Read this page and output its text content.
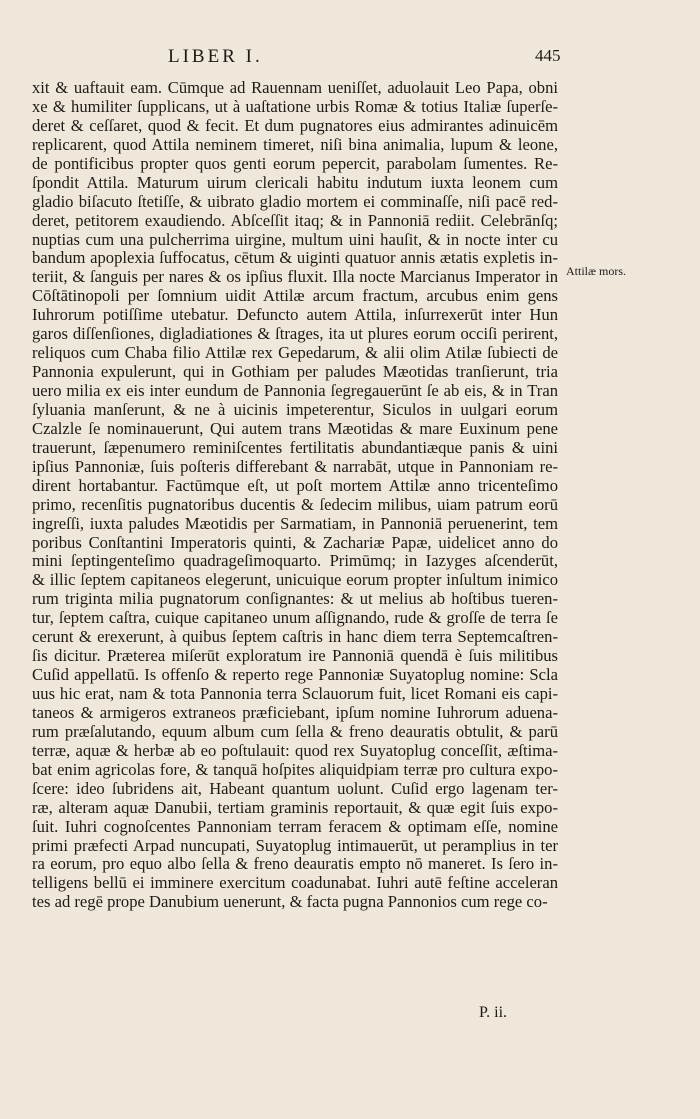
LIBER I.	445
xit & uaftauit eam. Cūmque ad Rauennam ueniſſet, aduolauit Leo Papa, obni
xe & humiliter ſupplicans, ut à uaſtatione urbis Romæ & totius Italiæ ſuperſe-
deret & ceſſaret, quod & fecit. Et dum pugnatores eius admirantes adinuicēm
replicarent, quod Attila neminem timeret, niſi bina animalia, lupum & leone,
de pontificibus propter quos genti eorum pepercit, parabolam ſumentes. Re-
ſpondit Attila. Maturum uirum clericali habitu indutum iuxta leonem cum
gladio biſacuto ſtetiſſe, & uibrato gladio mortem ei comminaſſe, niſi pacē red-
deret, petitorem exaudiendo. Abſceſſit itaq; & in Pannoniā rediit. Celebrānſq;
nuptias cum una pulcherrima uirgine, multum uini hauſit, & in nocte inter cu
bandum apoplexia ſuffocatus, cētum & uiginti quatuor annis ætatis expletis in-
teriit, & ſanguis per nares & os ipſius fluxit. Illa nocte Marcianus Imperator in
Cōſtātinopoli per ſomnium uidit Attilæ arcum fractum, arcubus enim gens
Iuhrorum potiſſime utebatur. Defuncto autem Attila, inſurrexerūt inter Hun
garos diſſenſiones, digladiationes & ſtrages, ita ut plures eorum occiſi perirent,
reliquos cum Chaba filio Attilæ rex Gepedarum, & alii olim Atilæ ſubiecti de
Pannonia expulerunt, qui in Gothiam per paludes Mæotidas tranſierunt, tria
uero milia ex eis inter eundum de Pannonia ſegregauerūnt ſe ab eis, & in Tran
ſyluania manſerunt, & ne à uicinis impeterentur, Siculos in uulgari eorum
Czalzle ſe nominauerunt, Qui autem trans Mæotidas & mare Euxinum pene
trauerunt, ſæpenumero reminiſcentes fertilitatis abundantiæque panis & uini
ipſius Pannoniæ, ſuis poſteris differebant & narrabāt, utque in Pannoniam re-
dirent hortabantur. Factūmque eſt, ut poſt mortem Attilæ anno tricenteſimo
primo, recenſitis pugnatoribus ducentis & ſedecim milibus, uiam patrum eorū
ingreſſi, iuxta paludes Mæotidis per Sarmatiam, in Pannoniā peruenerint, tem
poribus Conſtantini Imperatoris quinti, & Zachariæ Papæ, uidelicet anno do
mini ſeptingenteſimo quadrageſimoquarto. Primūmq; in Iazyges aſcenderūt,
& illic ſeptem capitaneos elegerunt, unicuique eorum propter inſultum inimico
rum triginta milia pugnatorum conſignantes: & ut melius ab hoſtibus tueren-
tur, ſeptem caſtra, cuique capitaneo unum aſſignando, rude & groſſe de terra ſe
cerunt & erexerunt, à quibus ſeptem caſtris in hanc diem terra Septemcaſtren-
ſis dicitur. Præterea miſerūt exploratum ire Pannoniā quendā è ſuis militibus
Cuſid appellatū. Is offenſo & reperto rege Pannoniæ Suyatoplug nomine: Scla
uus hic erat, nam & tota Pannonia terra Sclauorum fuit, licet Romani eis capi-
taneos & armigeros extraneos præficiebant, ipſum nomine Iuhrorum aduena-
rum præſalutando, equum album cum ſella & freno deauratis obtulit, & parū
terræ, aquæ & herbæ ab eo poſtulauit: quod rex Suyatoplug conceſſit, æſtima-
bat enim agricolas fore, & tanquā hoſpites aliquidpiam terræ pro cultura expo-
ſcere: ideo ſubridens ait, Habeant quantum uolunt. Cuſid ergo lagenam ter-
ræ, alteram aquæ Danubii, tertiam graminis reportauit, & quæ egit ſuis expo-
ſuit. Iuhri cognoſcentes Pannoniam terram feracem & optimam eſſe, nomine
primi præfecti Arpad nuncupati, Suyatoplug intimauerūt, ut peramplius in ter
ra eorum, pro equo albo ſella & freno deauratis empto nō maneret. Is ſero in-
telligens bellū ei imminere exercitum coadunabat. Iuhri autē feſtine acceleran
tes ad regē prope Danubium uenerunt, & facta pugna Pannonios cum rege co-
Attilæ mors.
P. ii.
